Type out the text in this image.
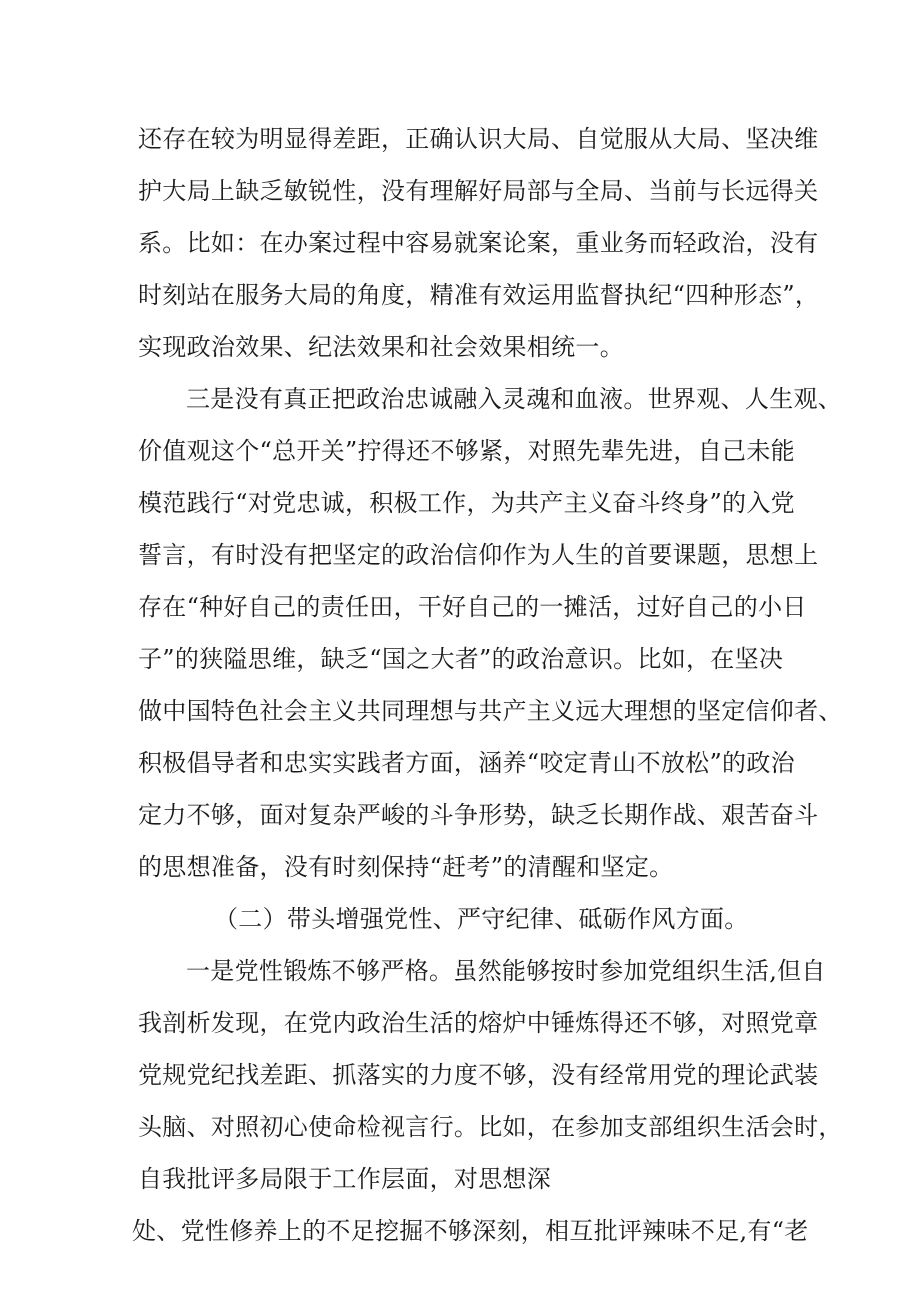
还存在较为明显得差距，正确认识大局、自觉服从大局、坚决维
护大局上缺乏敏锐性，没有理解好局部与全局、当前与长远得关
系。比如：在办案过程中容易就案论案，重业务而轻政治，没有
时刻站在服务大局的角度，精准有效运用监督执纪“四种形态”，
实现政治效果、纪法效果和社会效果相统一。
三是没有真正把政治忠诚融入灵魂和血液。世界观、人生观、
价值观这个“总开关”拧得还不够紧，对照先辈先进，自己未能
模范践行“对党忠诚，积极工作，为共产主义奋斗终身”的入党
誓言，有时没有把坚定的政治信仰作为人生的首要课题，思想上
存在“种好自己的责任田，干好自己的一摊活，过好自己的小日
子”的狭隘思维，缺乏“国之大者”的政治意识。比如，在坚决
做中国特色社会主义共同理想与共产主义远大理想的坚定信仰者、
积极倡导者和忠实实践者方面，涵养“咬定青山不放松”的政治
定力不够，面对复杂严峻的斗争形势，缺乏长期作战、艰苦奋斗
的思想准备，没有时刻保持“赶考”的清醒和坚定。
（二）带头增强党性、严守纪律、砥砺作风方面。
一是党性锻炼不够严格。虽然能够按时参加党组织生活,但自
我剖析发现，在党内政治生活的熔炉中锤炼得还不够，对照党章
党规党纪找差距、抓落实的力度不够，没有经常用党的理论武装
头脑、对照初心使命检视言行。比如，在参加支部组织生活会时，
自我批评多局限于工作层面，对思想深
处、党性修养上的不足挖掘不够深刻，相互批评辣味不足,有“老
